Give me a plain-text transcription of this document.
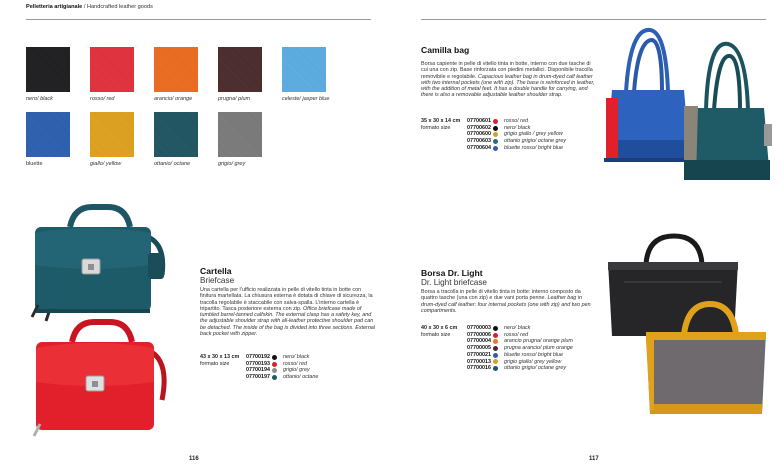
Pelletteria artigianale / Handcrafted leather goods
nero/ black	rosso/ red	arancio/ orange	prugna/ plum	celeste/ jasper blue
bluette	giallo/ yellow	ottanio/ octane	grigio/ grey
Cartella
Briefcase
Una cartella per l’ufficio realizzata in pelle di vitello tinta in botte con finitura martellata. La chiusura esterna è dotata di chiave di sicurezza, la tracolla regolabile è staccabile con salva-spalla. L’interno cartella è tripartito. Tasca posteriore esterna con zip. Office briefcase made of tumbled barrel-tanned calfskin. The external clasp has a safety key, and the adjustable shoulder strap with all-leather protective shoulder pad can be detached. The inside of the bag is divided into three sections. External back pocket with zipper.
43 x 30 x 13 cm	07700192	nero/ black
formato size	07700193	rosso/ red
07700194	grigio/ grey
07700197	ottanio/ octane
Camilla bag
Borsa capiente in pelle di vitello tinta in botte, interno con due tasche di cui una con zip. Base rinforzata con piedini metallici. Disponibile tracolla removibile e regolabile. Capacious leather bag in drum-dyed calf leather with two internal pockets (one with zip). The base is reinforced in leather, with the addition of metal feet. It has a double handle for carrying, and there is also a removable adjustable leather shoulder strap.
35 x 30 x 14 cm	07700601	rosso/ red
formato size	07700602	nero/ black
07700600	grigio giallo / grey yellow
07700603	ottanio grigio/ octane grey
07700604	bluette rosso/ bright blue
Borsa Dr. Light
Dr. Light briefcase
Borsa a tracolla in pelle di vitello tinta in botte: interno composto da quattro tasche (una con zip) e due vani porta penne. Leather bag in drum-dyed calf leather: four internal pockets (one with zip) and two pen compartments.
40 x 30 x 6 cm	07700003	nero/ black
formato size	07700006	rosso/ red
07700004	arancio prugna/ orange plum
07700005	prugna arancio/ plum orange
07700021	bluette rosso/ bright blue
07700013	grigio giallo/ grey yellow
07700016	ottanio grigio/ octane grey
116	117
